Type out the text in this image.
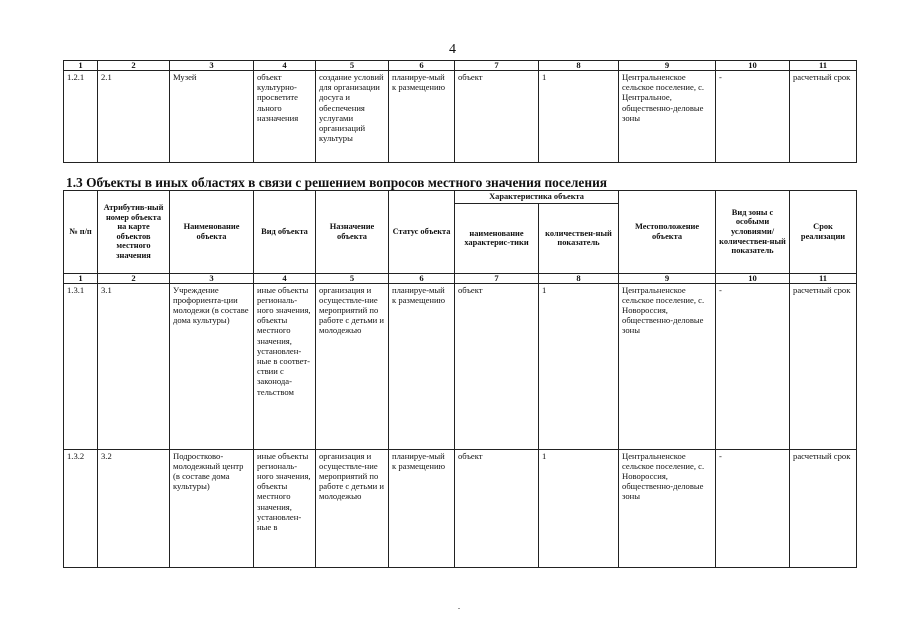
4
1	2	3	4	5	6	7	8	9	10	11
1.2.1	2.1	Музей	объект культурно-просветите льного назначения	создание условий для организации досуга и обеспечения услугами организаций культуры	планируе-мый к размещению	объект	1	Центральненское сельское поселение, с. Центральное, общественно-деловые зоны	-	расчетный срок
1.3 Объекты в иных областях в связи с решением вопросов местного значения поселения
№ п/п	Атрибутив-ный номер объекта на карте объектов местного значения	Наименование объекта	Вид объекта	Назначение объекта	Статус объекта	Характеристика объекта		Местоположение объекта	Вид зоны с особыми условиями/ количествен-ный показатель	Срок реализации
						наименование характерис-тики	количествен-ный показатель			
1	2	3	4	5	6	7	8	9	10	11
1.3.1	3.1	Учреждение профориента-ции молодежи (в составе дома культуры)	иные объекты региональ-ного значения, объекты местного значения, установлен-ные в соответ-ствии с законода-тельством	организация и осуществле-ние мероприятий по работе с детьми и молодежью	планируе-мый к размещению	объект	1	Центральненское сельское поселение, с. Новороссия, общественно-деловые зоны	-	расчетный срок
1.3.2	3.2	Подростково-молодежный центр (в составе дома культуры)	иные объекты региональ-ного значения, объекты местного значения, установлен-ные в	организация и осуществле-ние мероприятий по работе с детьми и молодежью	планируе-мый к размещению	объект	1	Центральненское сельское поселение, с. Новороссия, общественно-деловые зоны	-	расчетный срок
